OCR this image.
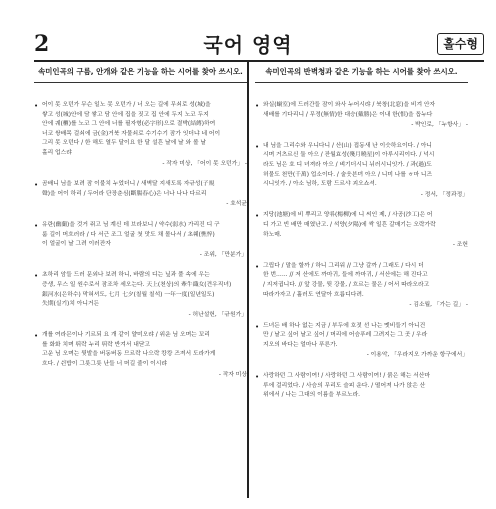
2	국어 영역	홀수형
속미인곡의 구름, 안개와 같은 기능을 하는 시어를 찾아 쓰시오.
• 어이 못 오던가 무슨 일노 못 오던가 / 너 오는 길에 무쇠로 성(城)을
쌓고 성(城)안에 담 쌓고 담 안에 집을 짓고 집 안에 두지 노코 두지
안에 궤(櫃)를 노코 그 안에 너를 필자형(必字形)으로 결박(結縛)하여
너코 쌍배목 걸쇠에 금(金)거북 자물쇠로 수기수기 잠가 잇더냐 네 어이
그리 못 오던다 / 한 해도 열두 달이요 한 달 설흔 날에 날 와 볼 날
홀리 업스랴

- 작자 미상, 「어이 못 오던가」 -
• 곰배니 님을 보려 잠 이불치 누었더니 / 새벽달 지새도록 자규성(子規
聲)을 어이 하리 / 두어라 단장춘심(斷腸春心)은 너나 나나 다르리

- 호석균
• 유란(幽蘭)을 것거 쥐고 님 계신 데 브라보니 / 약수(弱水) 가리진 디 구
룸 길이 머흐러라 / 다 서근 조그 얼굴 첫 맛도 채 몰나서 / 초췌(憔悴)
이 얼굴이 날 그려 이러잔자

- 조위, 「만분가」
• 초하리 암들 드러 문외나 보려 하니, 바람의 디는 닢과 풀 속에 우는
증생, 무스 일 원수로서 잠조차 세오는다. 天上(천상)의 牽牛織女(견우직녀)
銀河水(은하수) 막혀셔도, 七月 七夕(칠월 칠석) 一年一度(일년일도)
失期(실기)치 아니거든

- 허난설헌, 「규원가」
• 개를 여라믄이나 기르되 요 개 같이 얄미오랴 / 위운 님 오며는 꼬리
를 화화 치며 뛰락 누리 뛰락 반겨서 내닫고
고운 님 오며는 뒷발을 버동버동 므르락 나으락 캉캉 즈져서 도라가게
흐다. / 쉰밥이 그릇그릇 난들 너 머길 줄이 이시랴

- 작자 미상
속미인곡의 반벽청과 같은 기능을 하는 시어를 찾아 쓰시오.
• 와실(蝸室)에 드러간들 잠이 와사 누어시랴 / 북창(北窓)을 비겨 안자
새배를 기다리니 / 무정(無情)한 대승(戴勝)은 이내 한(恨)을 돕누다

- 박인로, 「누항사」 -
• 내 님을 그리수와 우니다니 / 산(山) 접동새 난 이슷하요이다. / 아니
시며 거츠르신 둘 아으 / 잔월효성(殘月曉星)이 아루시리이다. / 넉시
라도 님은 호 디 녀져라 아으 / 벼기더시니 뉘러시니잇가. / 과(過)도
허물도 천만(千萬) 업소이다. / 술읏븐뎌 아으 / 니미 나를 ㅎ마 니즈
시니잇가. / 아소 님하, 도람 드르샤 괴오쇼셔.

- 정서, 「정과정」
• 지당(池塘)에 비 뿌리고 양류(楊柳)에 니 씨인 제, / 사공(沙工)은 어
디 가고 빈 배만 매였난고. / 석양(夕陽)에 싹 일흔 갈매기는 오락가락
하노매.

- 조헌
• 그립다 / 말을 할까 / 하니 그리워 // 그냥 갈까 / 그래도 / 다시 더
한 번…… // 저 산에도 까마귀, 들에 까마귀, / 서산에는 해 진다고
/ 지저귑니다. // 앞 강물, 뒷 강물, / 흐르는 물은 / 어서 따라오라고
따라가자고 / 흘러도 연달아 흐릅디다려.

- 김소월, 「가는 길」 -
• 드녀든 배 하나 없는 지금 / 부두에 호젓 선 나는 멧비들기 아니건
만 / 날고 싶어 날고 싶어 / 머리에 어슴푸레 그려지는 그 곳 / 우라
지오의 바다는 얼마나 푸른가.

- 이용악, 「우라지오 가까운 항구에서」
• 사랑하던 그 사람이여! / 사랑하던 그 사람이여! / 붉은 해는 서산마
루에 걸리었다. / 사슴의 무리도 슬피 운다. / 떨어져 나가 앉은 산
위에서 / 나는 그대의 이름을 부르노라.
